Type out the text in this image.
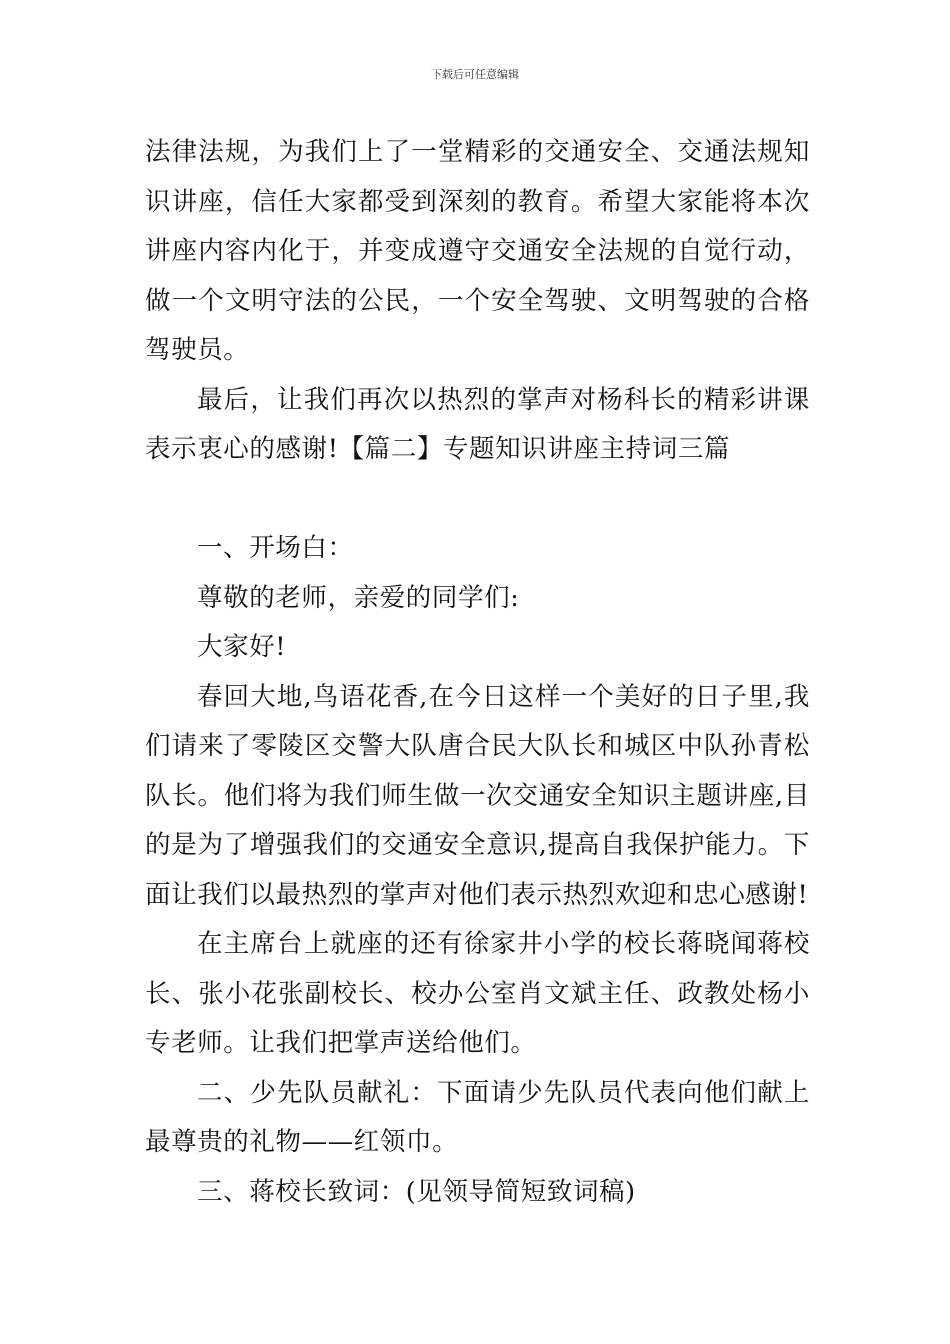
下载后可任意编辑

法律法规，为我们上了一堂精彩的交通安全、交通法规知识讲座，信任大家都受到深刻的教育。希望大家能将本次讲座内容内化于，并变成遵守交通安全法规的自觉行动，做一个文明守法的公民，一个安全驾驶、文明驾驶的合格驾驶员。

最后，让我们再次以热烈的掌声对杨科长的精彩讲课表示衷心的感谢!【篇二】专题知识讲座主持词三篇

一、开场白：

尊敬的老师，亲爱的同学们:

大家好!

春回大地,鸟语花香,在今日这样一个美好的日子里,我们请来了零陵区交警大队唐合民大队长和城区中队孙青松队长。他们将为我们师生做一次交通安全知识主题讲座,目的是为了增强我们的交通安全意识,提高自我保护能力。下面让我们以最热烈的掌声对他们表示热烈欢迎和忠心感谢!

在主席台上就座的还有徐家井小学的校长蒋晓闻蒋校长、张小花张副校长、校办公室肖文斌主任、政教处杨小专老师。让我们把掌声送给他们。

二、少先队员献礼：下面请少先队员代表向他们献上最尊贵的礼物——红领巾。

三、蒋校长致词：(见领导简短致词稿)
